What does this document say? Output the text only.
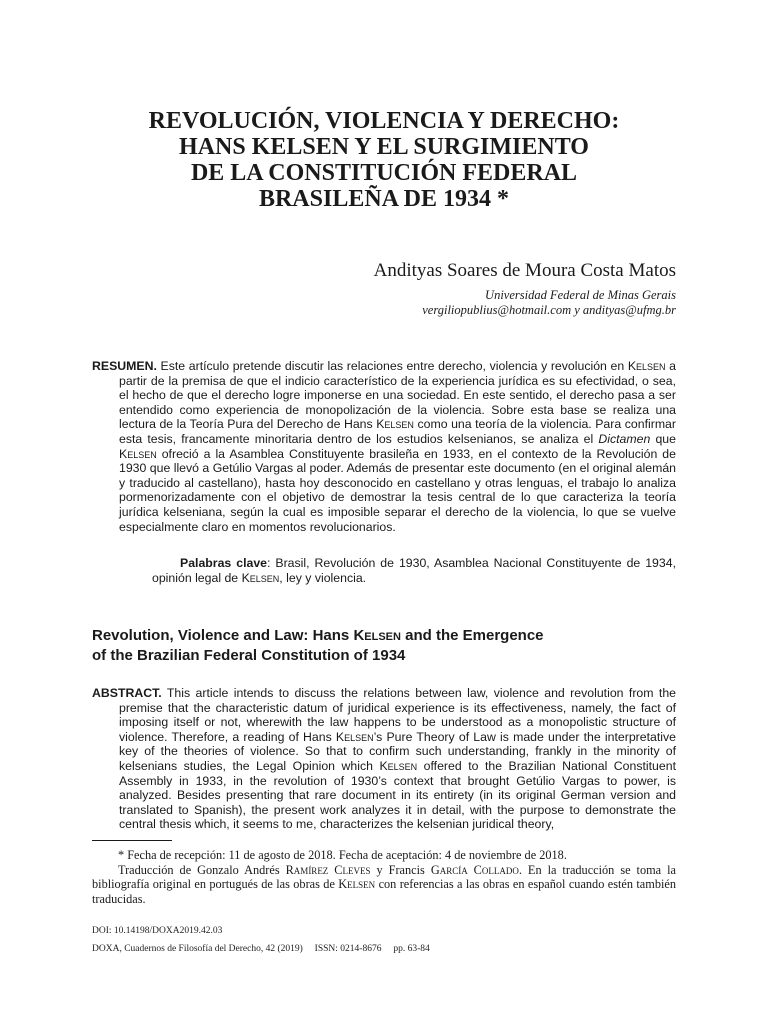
REVOLUCIÓN, VIOLENCIA Y DERECHO:
HANS KELSEN Y EL SURGIMIENTO
DE LA CONSTITUCIÓN FEDERAL
BRASILEÑA DE 1934 *
Andityas Soares de Moura Costa Matos
Universidad Federal de Minas Gerais
vergiliopublius@hotmail.com y andityas@ufmg.br
RESUMEN. Este artículo pretende discutir las relaciones entre derecho, violencia y revolución en Kelsen a partir de la premisa de que el indicio característico de la experiencia jurídica es su efectividad, o sea, el hecho de que el derecho logre imponerse en una sociedad. En este sentido, el derecho pasa a ser entendido como experiencia de monopolización de la violencia. Sobre esta base se realiza una lectura de la Teoría Pura del Derecho de Hans Kelsen como una teoría de la violencia. Para confirmar esta tesis, francamente minoritaria dentro de los estudios kelsenianos, se analiza el Dictamen que Kelsen ofreció a la Asamblea Constituyente brasileña en 1933, en el contexto de la Revolución de 1930 que llevó a Getúlio Vargas al poder. Además de presentar este documento (en el original alemán y traducido al castellano), hasta hoy desconocido en castellano y otras lenguas, el trabajo lo analiza pormenorizadamente con el objetivo de demostrar la tesis central de lo que caracteriza la teoría jurídica kelseniana, según la cual es imposible separar el derecho de la violencia, lo que se vuelve especialmente claro en momentos revolucionarios.
Palabras clave: Brasil, Revolución de 1930, Asamblea Nacional Constituyente de 1934, opinión legal de Kelsen, ley y violencia.
Revolution, Violence and Law: Hans Kelsen and the Emergence
of the Brazilian Federal Constitution of 1934
ABSTRACT. This article intends to discuss the relations between law, violence and revolution from the premise that the characteristic datum of juridical experience is its effectiveness, namely, the fact of imposing itself or not, wherewith the law happens to be understood as a monopolistic structure of violence. Therefore, a reading of Hans Kelsen’s Pure Theory of Law is made under the interpretative key of the theories of violence. So that to confirm such understanding, frankly in the minority of kelsenians studies, the Legal Opinion which Kelsen offered to the Brazilian National Constituent Assembly in 1933, in the revolution of 1930’s context that brought Getúlio Vargas to power, is analyzed. Besides presenting that rare document in its entirety (in its original German version and translated to Spanish), the present work analyzes it in detail, with the purpose to demonstrate the central thesis which, it seems to me, characterizes the kelsenian juridical theory,

* Fecha de recepción: 11 de agosto de 2018. Fecha de aceptación: 4 de noviembre de 2018.

Traducción de Gonzalo Andrés Ramírez Cleves y Francis García Collado. En la traducción se toma la bibliografía original en portugués de las obras de Kelsen con referencias a las obras en español cuando estén también traducidas.

DOI: 10.14198/DOXA2019.42.03
DOXA, Cuadernos de Filosofía del Derecho, 42 (2019)     ISSN: 0214-8676     pp. 63-84
